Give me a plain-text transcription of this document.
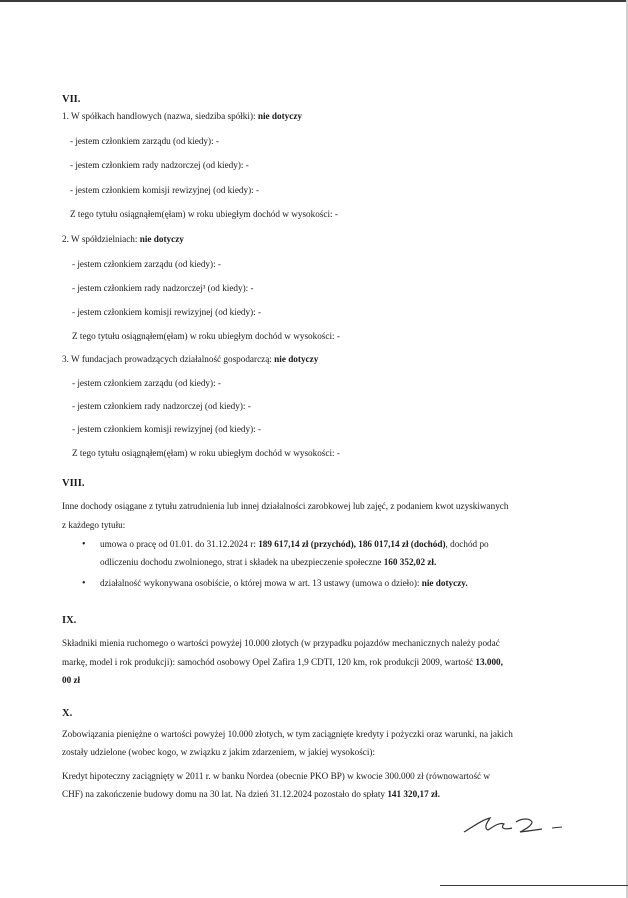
VII.
1. W spółkach handlowych (nazwa, siedziba spółki): nie dotyczy
- jestem członkiem zarządu (od kiedy): -
- jestem członkiem rady nadzorczej (od kiedy): -
- jestem członkiem komisji rewizyjnej (od kiedy): -
Z tego tytułu osiągnąłem(ęłam) w roku ubiegłym dochód w wysokości: -
2. W spółdzielniach: nie dotyczy
- jestem członkiem zarządu (od kiedy): -
- jestem członkiem rady nadzorczej³ (od kiedy): -
- jestem członkiem komisji rewizyjnej (od kiedy): -
Z tego tytułu osiągnąłem(ęłam) w roku ubiegłym dochód w wysokości: -
3. W fundacjach prowadzących działalność gospodarczą: nie dotyczy
- jestem członkiem zarządu (od kiedy): -
- jestem członkiem rady nadzorczej (od kiedy): -
- jestem członkiem komisji rewizyjnej (od kiedy): -
Z tego tytułu osiągnąłem(ęłam) w roku ubiegłym dochód w wysokości: -
VIII.
Inne dochody osiągane z tytułu zatrudnienia lub innej działalności zarobkowej lub zajęć, z podaniem kwot uzyskiwanych
z każdego tytułu:
• umowa o pracę od 01.01. do 31.12.2024 r: 189 617,14 zł (przychód), 186 017,14 zł (dochód), dochód po
odliczeniu dochodu zwolnionego, strat i składek na ubezpieczenie społeczne 160 352,02 zł.
• działalność wykonywana osobiście, o której mowa w art. 13 ustawy (umowa o dzieło): nie dotyczy.
IX.
Składniki mienia ruchomego o wartości powyżej 10.000 złotych (w przypadku pojazdów mechanicznych należy podać
markę, model i rok produkcji): samochód osobowy Opel Zafira 1,9 CDTI, 120 km, rok produkcji 2009, wartość 13.000,
00 zł
X.
Zobowiązania pieniężne o wartości powyżej 10.000 złotych, w tym zaciągnięte kredyty i pożyczki oraz warunki, na jakich
zostały udzielone (wobec kogo, w związku z jakim zdarzeniem, w jakiej wysokości):
Kredyt hipoteczny zaciągnięty w 2011 r. w banku Nordea (obecnie PKO BP) w kwocie 300.000 zł (równowartość w
CHF) na zakończenie budowy domu na 30 lat. Na dzień 31.12.2024 pozostało do spłaty 141 320,17 zł.
